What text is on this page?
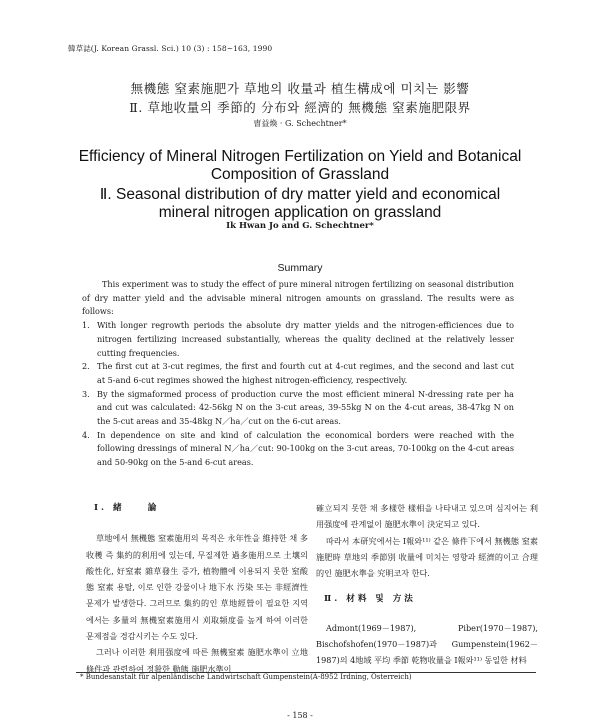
韓草誌(J. Korean Grassl. Sci.) 10 (3) : 158~163, 1990
無機態 窒素施肥가 草地의 收量과 植生構成에 미치는 影響
Ⅱ. 草地收量의 季節的 分布와 經濟的 無機態 窒素施肥限界
曺益煥 · G. Schechtner*
Efficiency of Mineral Nitrogen Fertilization on Yield and Botanical
Composition of Grassland
Ⅱ. Seasonal distribution of dry matter yield and economical
mineral nitrogen application on grassland
Ik Hwan Jo and G. Schechtner*
Summary

This experiment was to study the effect of pure mineral nitrogen fertilizing on seasonal distribution of dry matter yield and the advisable mineral nitrogen amounts on grassland. The results were as follows:

1. With longer regrowth periods the absolute dry matter yields and the nitrogen-efficiences due to nitrogen fertilizing increased substantially, whereas the quality declined at the relatively lesser cutting frequencies.
2. The first cut at 3-cut regimes, the first and fourth cut at 4-cut regimes, and the second and last cut at 5-and 6-cut regimes showed the highest nitrogen-efficiency, respectively.
3. By the sigmaformed process of production curve the most efficient mineral N-dressing rate per ha and cut was calculated: 42-56kg N on the 3-cut areas, 39-55kg N on the 4-cut areas, 38-47kg N on the 5-cut areas and 35-48kg N／ha／cut on the 6-cut areas.
4. In dependence on site and kind of calculation the economical borders were reached with the following dressings of mineral N／ha／cut: 90-100kg on the 3-cut areas, 70-100kg on the 4-cut areas and 50-90kg on the 5-and 6-cut areas.
Ⅰ. 緒　　論

草地에서 無機態 窒素施用의 목적은 永年性을 維持한 채 多收穫 즉 集約的利用에 있는데, 무질제한 過多施用으로 土壤의 酸性化, 好窒素 雜草發生 증가, 植物體에 이용되지 못한 窒酸態 窒素 용탈, 이로 인한 강물이나 地下水 汚染 또는 非經濟性 문제가 발생한다. 그러므로 集約的인 草地經營이 필요한 지역에서는 多量의 無機窒素施用시 刈取頻度를 높게 하여 이러한 문제점을 경감시키는 수도 있다.

그러나 이러한 利用强度에 따른 無機窒素 施肥水準이 立地條件과 관련하여 정확한 動態 施肥水準이

確立되지 못한 채 多樣한 樣相을 나타내고 있으며 심지어는 利用强度에 관계없이 施肥水準이 決定되고 있다.

따라서 本研究에서는 Ⅰ報와¹¹⁾ 같은 條件下에서 無機態 窒素施肥時 草地의 季節別 收量에 미치는 영향과 經濟的이고 合理的인 施肥水準을 究明코자 한다.

Ⅱ. 材料 및 方法

Admont(1969－1987), Piber(1970－1987), Bischofshofen(1970－1987)과 Gumpenstein(1962－1987)의 4地域 平均 季節 乾物收量을 Ⅰ報와¹¹⁾ 동일한 材料

* Bundesanstalt für alpenländische Landwirtschaft Gumpenstein(A-8952 Irdning, Österreich)
- 158 -
